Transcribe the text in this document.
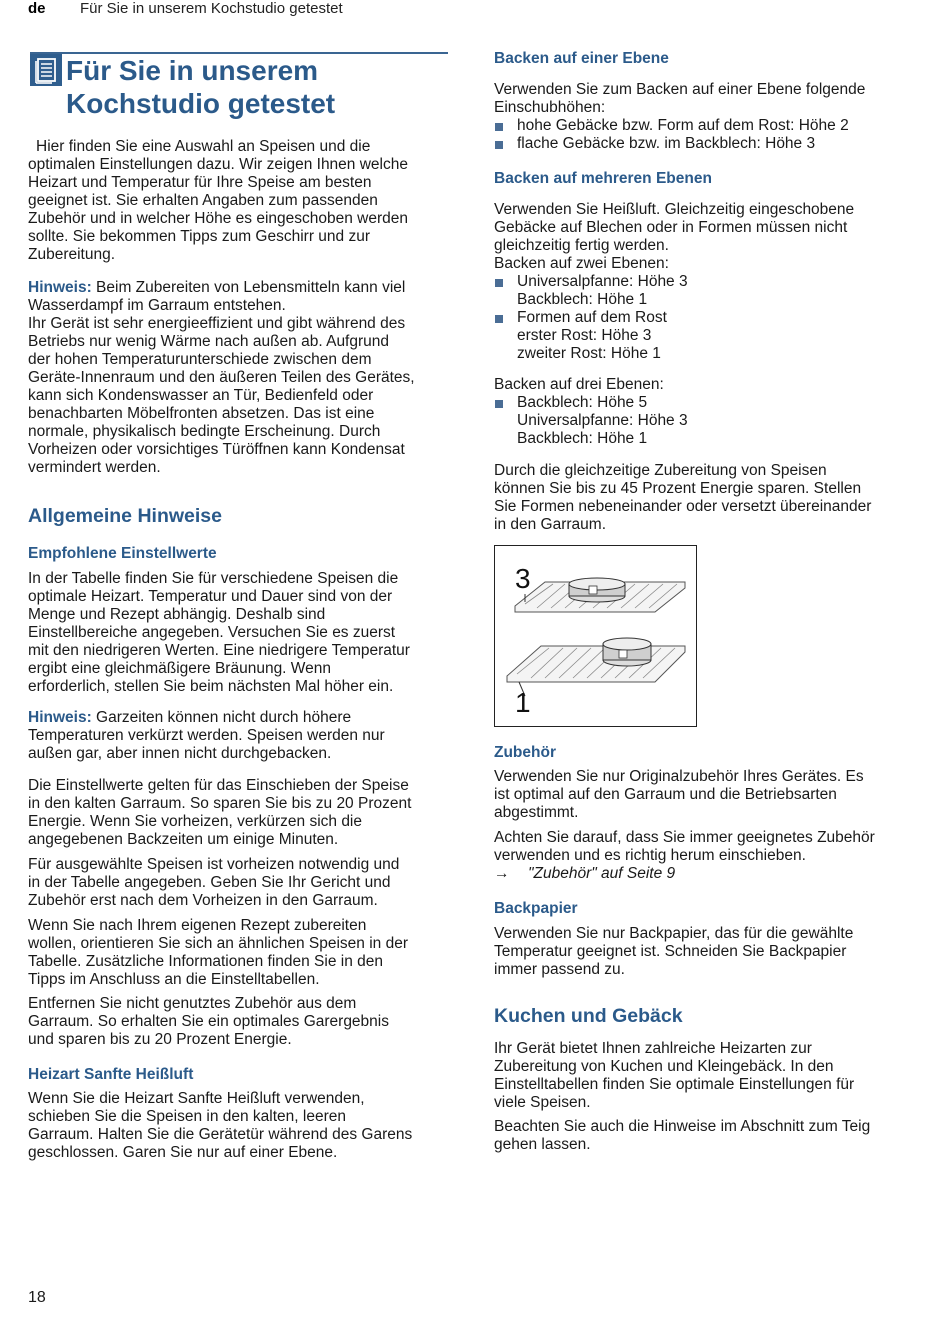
de Für Sie in unserem Kochstudio getestet
Für Sie in unserem
Kochstudio getestet

Hier finden Sie eine Auswahl an Speisen und die
optimalen Einstellungen dazu. Wir zeigen Ihnen welche
Heizart und Temperatur für Ihre Speise am besten
geeignet ist. Sie erhalten Angaben zum passenden
Zubehör und in welcher Höhe es eingeschoben werden
sollte. Sie bekommen Tipps zum Geschirr und zur
Zubereitung.

Hinweis: Beim Zubereiten von Lebensmitteln kann viel
Wasserdampf im Garraum entstehen.
Ihr Gerät ist sehr energieeffizient und gibt während des
Betriebs nur wenig Wärme nach außen ab. Aufgrund
der hohen Temperaturunterschiede zwischen dem
Geräte-Innenraum und den äußeren Teilen des Gerätes,
kann sich Kondenswasser an Tür, Bedienfeld oder
benachbarten Möbelfronten absetzen. Das ist eine
normale, physikalisch bedingte Erscheinung. Durch
Vorheizen oder vorsichtiges Türöffnen kann Kondensat
vermindert werden.

Allgemeine Hinweise
Empfohlene Einstellwerte

In der Tabelle finden Sie für verschiedene Speisen die
optimale Heizart. Temperatur und Dauer sind von der
Menge und Rezept abhängig. Deshalb sind
Einstellbereiche angegeben. Versuchen Sie es zuerst
mit den niedrigeren Werten. Eine niedrigere Temperatur
ergibt eine gleichmäßigere Bräunung. Wenn
erforderlich, stellen Sie beim nächsten Mal höher ein.

Hinweis: Garzeiten können nicht durch höhere
Temperaturen verkürzt werden. Speisen werden nur
außen gar, aber innen nicht durchgebacken.

Die Einstellwerte gelten für das Einschieben der Speise
in den kalten Garraum. So sparen Sie bis zu 20 Prozent
Energie. Wenn Sie vorheizen, verkürzen sich die
angegebenen Backzeiten um einige Minuten.

Für ausgewählte Speisen ist vorheizen notwendig und
in der Tabelle angegeben. Geben Sie Ihr Gericht und
Zubehör erst nach dem Vorheizen in den Garraum.

Wenn Sie nach Ihrem eigenen Rezept zubereiten
wollen, orientieren Sie sich an ähnlichen Speisen in der
Tabelle. Zusätzliche Informationen finden Sie in den
Tipps im Anschluss an die Einstelltabellen.

Entfernen Sie nicht genutztes Zubehör aus dem
Garraum. So erhalten Sie ein optimales Garergebnis
und sparen bis zu 20 Prozent Energie.

Heizart Sanfte Heißluft

Wenn Sie die Heizart Sanfte Heißluft verwenden,
schieben Sie die Speisen in den kalten, leeren
Garraum. Halten Sie die Gerätetür während des Garens
geschlossen. Garen Sie nur auf einer Ebene.

Backen auf einer Ebene

Verwenden Sie zum Backen auf einer Ebene folgende
Einschubhöhen:

hohe Gebäcke bzw. Form auf dem Rost: Höhe 2
flache Gebäcke bzw. im Backblech: Höhe 3
Backen auf mehreren Ebenen

Verwenden Sie Heißluft. Gleichzeitig eingeschobene
Gebäcke auf Blechen oder in Formen müssen nicht
gleichzeitig fertig werden.
Backen auf zwei Ebenen:

Universalpfanne: Höhe 3
Backblech: Höhe 1
Formen auf dem Rost
erster Rost: Höhe 3
zweiter Rost: Höhe 1

Backen auf drei Ebenen:

Backblech: Höhe 5
Universalpfanne: Höhe 3
Backblech: Höhe 1

Durch die gleichzeitige Zubereitung von Speisen
können Sie bis zu 45 Prozent Energie sparen. Stellen
Sie Formen nebeneinander oder versetzt übereinander
in den Garraum.

Zubehör

Verwenden Sie nur Originalzubehör Ihres Gerätes. Es
ist optimal auf den Garraum und die Betriebsarten
abgestimmt.

Achten Sie darauf, dass Sie immer geeignetes Zubehör
verwenden und es richtig herum einschieben.

→ "Zubehör" auf Seite 9

Backpapier

Verwenden Sie nur Backpapier, das für die gewählte
Temperatur geeignet ist. Schneiden Sie Backpapier
immer passend zu.

Kuchen und Gebäck

Ihr Gerät bietet Ihnen zahlreiche Heizarten zur
Zubereitung von Kuchen und Kleingebäck. In den
Einstelltabellen finden Sie optimale Einstellungen für
viele Speisen.

Beachten Sie auch die Hinweise im Abschnitt zum Teig
gehen lassen.

3
1
18
